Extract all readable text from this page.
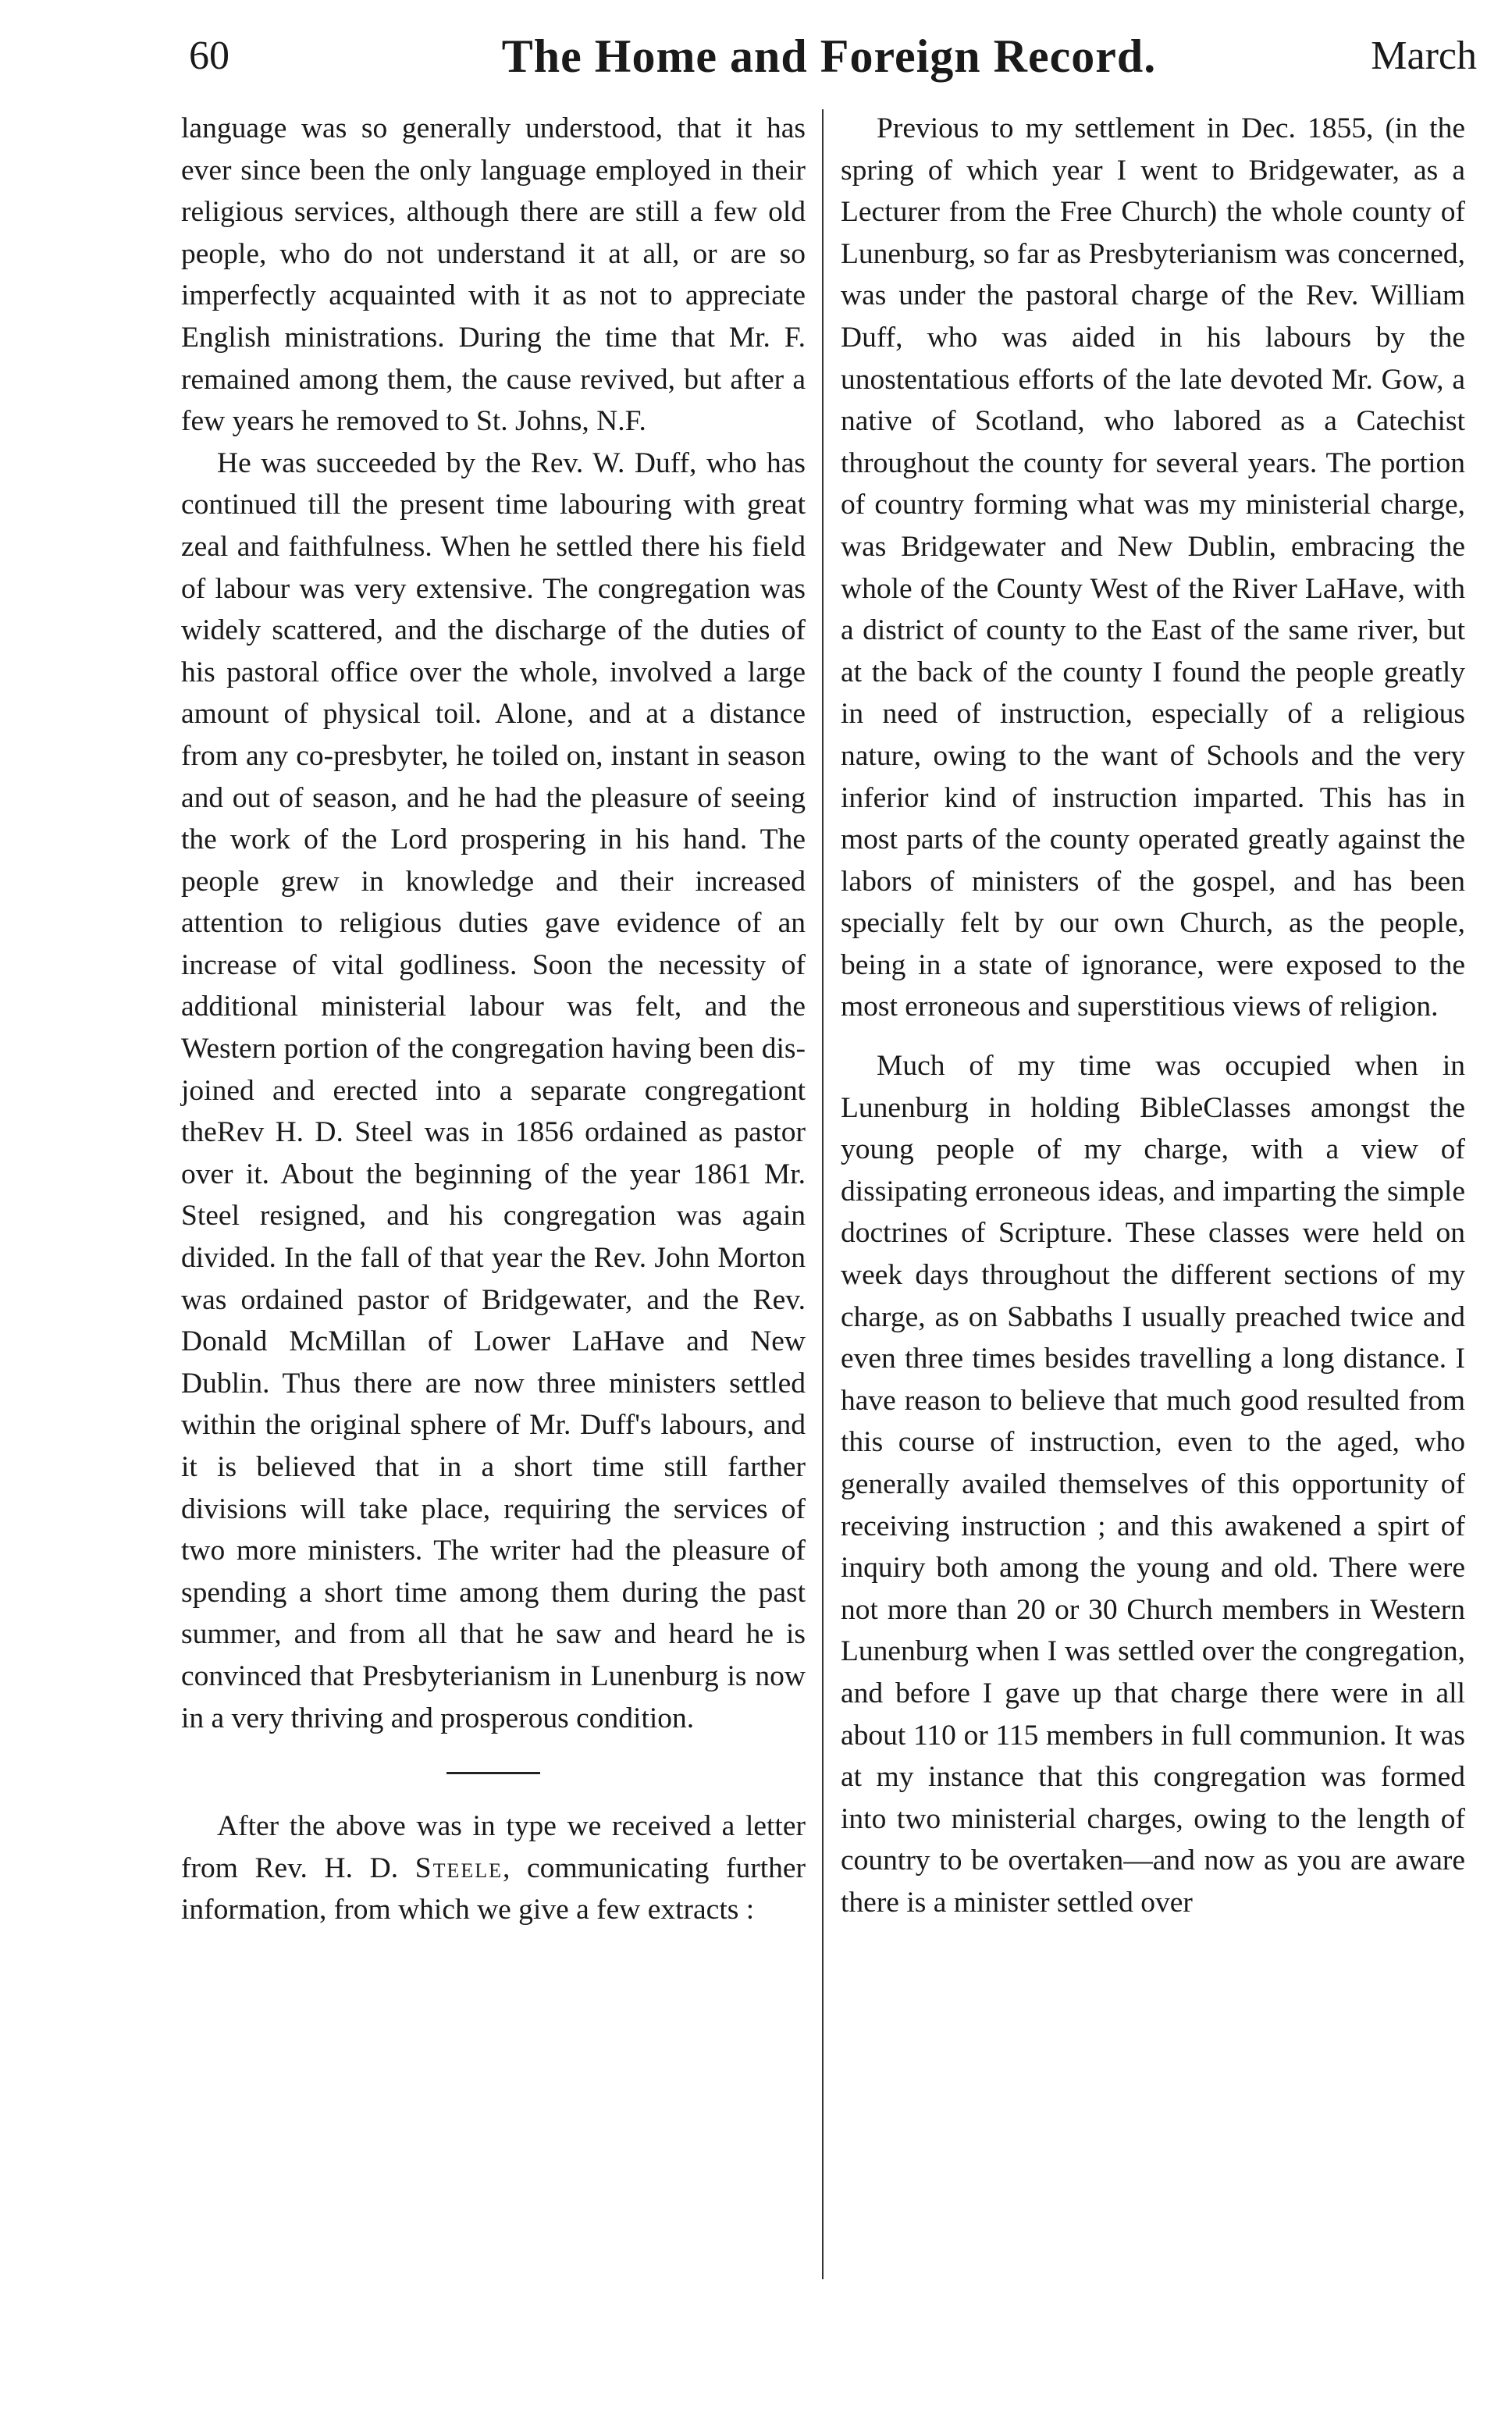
60	The Home and Foreign Record.	March

language was so generally understood, that it has ever since been the only language employed in their religious services, although there are still a few old people, who do not understand it at all, or are so imperfectly acquainted with it as not to appreciate English ministrations. During the time that Mr. F. remained among them, the cause revived, but after a few years he removed to St. Johns, N.F.

He was succeeded by the Rev. W. Duff, who has continued till the present time labouring with great zeal and faithfulness. When he settled there his field of labour was very extensive. The congregation was widely scattered, and the discharge of the duties of his pastoral office over the whole, involved a large amount of physical toil. Alone, and at a distance from any co-presbyter, he toiled on, instant in season and out of season, and he had the pleasure of seeing the work of the Lord prospering in his hand. The people grew in knowledge and their increased attention to religious duties gave evidence of an increase of vital godliness. Soon the necessity of additional ministerial labour was felt, and the Western portion of the congregation having been dis-joined and erected into a separate congregationt theRev H. D. Steel was in 1856 ordained as pastor over it. About the beginning of the year 1861 Mr. Steel resigned, and his congregation was again divided. In the fall of that year the Rev. John Morton was ordained pastor of Bridgewater, and the Rev. Donald McMillan of Lower LaHave and New Dublin. Thus there are now three ministers settled within the original sphere of Mr. Duff's labours, and it is believed that in a short time still farther divisions will take place, requiring the services of two more ministers. The writer had the pleasure of spending a short time among them during the past summer, and from all that he saw and heard he is convinced that Presbyterianism in Lunenburg is now in a very thriving and prosperous condition.

After the above was in type we received a letter from Rev. H. D. Steele, communicating further information, from which we give a few extracts :

Previous to my settlement in Dec. 1855, (in the spring of which year I went to Bridgewater, as a Lecturer from the Free Church) the whole county of Lunenburg, so far as Presbyterianism was concerned, was under the pastoral charge of the Rev. William Duff, who was aided in his labours by the unostentatious efforts of the late devoted Mr. Gow, a native of Scotland, who labored as a Catechist throughout the county for several years. The portion of country forming what was my ministerial charge, was Bridgewater and New Dublin, embracing the whole of the County West of the River LaHave, with a district of county to the East of the same river, but at the back of the county I found the people greatly in need of instruction, especially of a religious nature, owing to the want of Schools and the very inferior kind of instruction imparted. This has in most parts of the county operated greatly against the labors of ministers of the gospel, and has been specially felt by our own Church, as the people, being in a state of ignorance, were exposed to the most erroneous and superstitious views of religion.

Much of my time was occupied when in Lunenburg in holding BibleClasses amongst the young people of my charge, with a view of dissipating erroneous ideas, and imparting the simple doctrines of Scripture. These classes were held on week days throughout the different sections of my charge, as on Sabbaths I usually preached twice and even three times besides travelling a long distance. I have reason to believe that much good resulted from this course of instruction, even to the aged, who generally availed themselves of this opportunity of receiving instruction ; and this awakened a spirt of inquiry both among the young and old. There were not more than 20 or 30 Church members in Western Lunenburg when I was settled over the congregation, and before I gave up that charge there were in all about 110 or 115 members in full communion. It was at my instance that this congregation was formed into two ministerial charges, owing to the length of country to be overtaken—and now as you are aware there is a minister settled over
